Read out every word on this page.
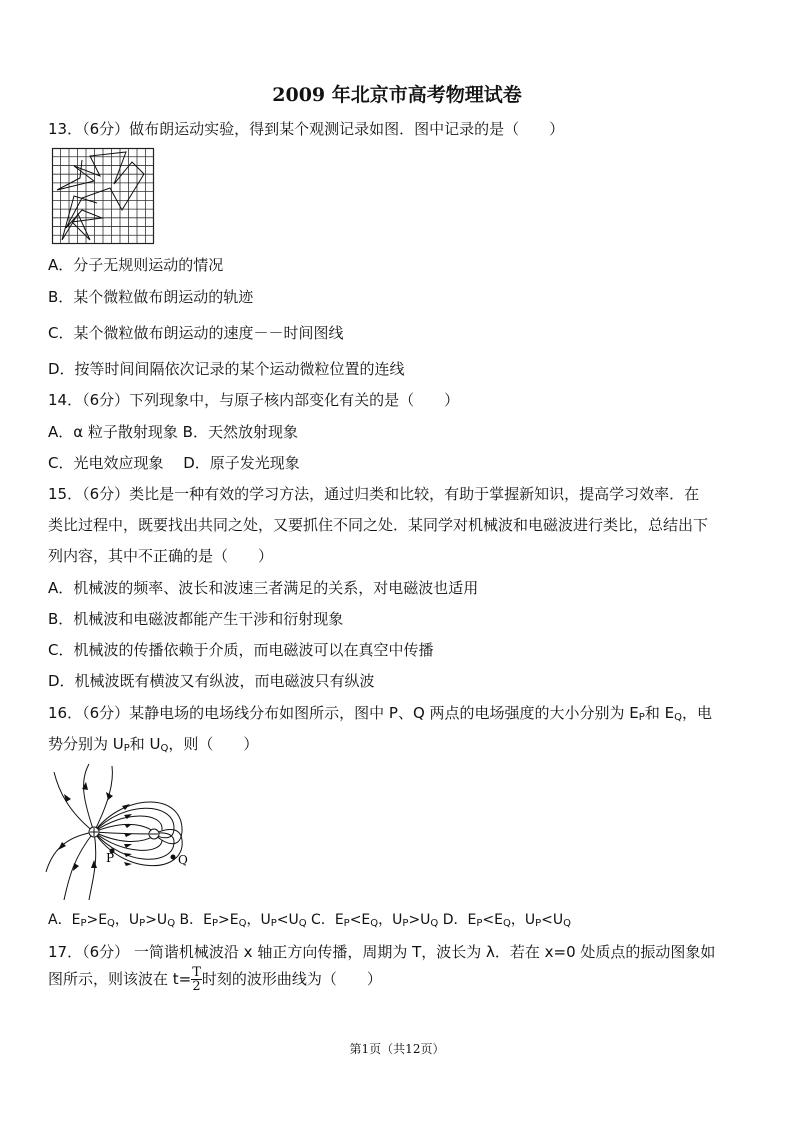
2009 年北京市高考物理试卷
13．（6分）做布朗运动实验，得到某个观测记录如图．图中记录的是（　　）
A．分子无规则运动的情况
B．某个微粒做布朗运动的轨迹
C．某个微粒做布朗运动的速度－－时间图线
D．按等时间间隔依次记录的某个运动微粒位置的连线
14．（6分）下列现象中，与原子核内部变化有关的是（　　）
A．α 粒子散射现象 B．天然放射现象
C．光电效应现象　 D．原子发光现象
15．（6分）类比是一种有效的学习方法，通过归类和比较，有助于掌握新知识，提高学习效率．在
类比过程中，既要找出共同之处，又要抓住不同之处．某同学对机械波和电磁波进行类比，总结出下
列内容，其中不正确的是（　　）
A．机械波的频率、波长和波速三者满足的关系，对电磁波也适用
B．机械波和电磁波都能产生干涉和衍射现象
C．机械波的传播依赖于介质，而电磁波可以在真空中传播
D．机械波既有横波又有纵波，而电磁波只有纵波
16．（6分）某静电场的电场线分布如图所示，图中 P、Q 两点的电场强度的大小分别为 $E_P$和 $E_Q$，电
势分别为 $U_P$和 $U_Q$，则（　　）
P	Q
A．$E_P>E_Q$，$U_P>U_Q$ B．$E_P>E_Q$，$U_P<U_Q$ C．$E_P<E_Q$，$U_P>U_Q$ D．$E_P<E_Q$，$U_P<U_Q$
17．（6分） 一简谐机械波沿 x 轴正方向传播，周期为 T，波长为 λ．若在 x=0 处质点的振动图象如
图所示，则该波在 $t= \frac{T}{2}$ 时刻的波形曲线为（　　）
第1页（共12页）
